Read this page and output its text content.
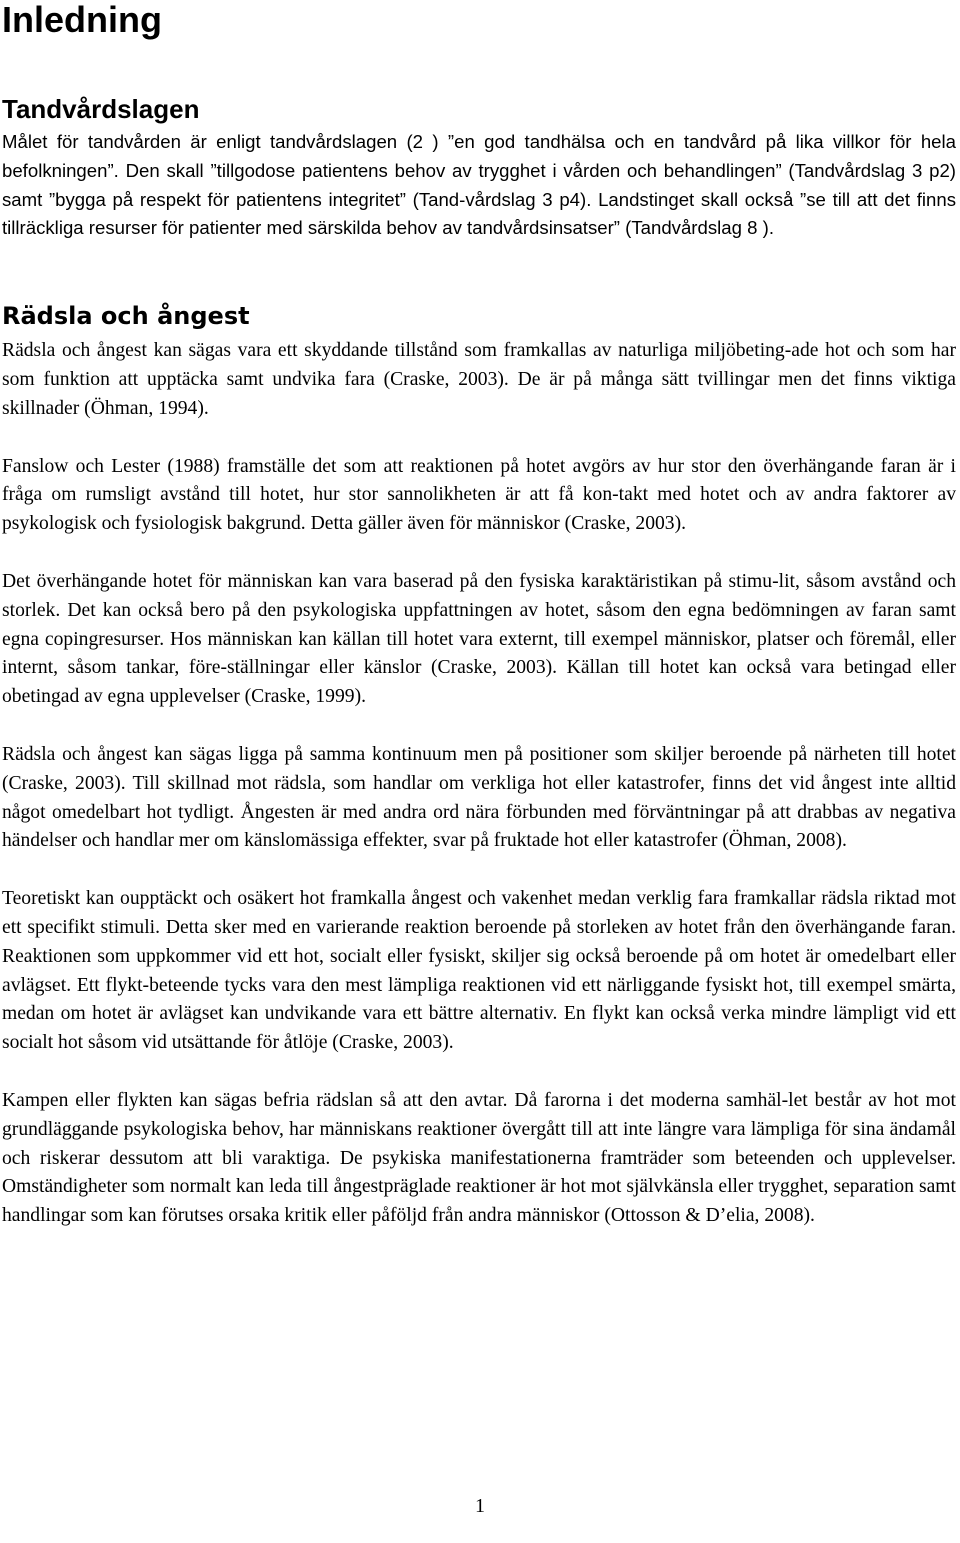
Inledning
Tandvårdslagen

Målet för tandvården är enligt tandvårdslagen (2 ) ”en god tandhälsa och en tandvård på lika villkor för hela befolkningen”. Den skall ”tillgodose patientens behov av trygghet i vården och behandlingen” (Tandvårdslag 3 p2) samt ”bygga på respekt för patientens integritet” (Tand-vårdslag 3 p4). Landstinget skall också ”se till att det finns tillräckliga resurser för patienter med särskilda behov av tandvårdsinsatser” (Tandvårdslag 8 ).

Rädsla och ångest

Rädsla och ångest kan sägas vara ett skyddande tillstånd som framkallas av naturliga miljöbeting-ade hot och som har som funktion att upptäcka samt undvika fara (Craske, 2003). De är på många sätt tvillingar men det finns viktiga skillnader (Öhman, 1994).

Fanslow och Lester (1988) framställe det som att reaktionen på hotet avgörs av hur stor den överhängande faran är i fråga om rumsligt avstånd till hotet, hur stor sannolikheten är att få kon-takt med hotet och av andra faktorer av psykologisk och fysiologisk bakgrund. Detta gäller även för människor (Craske, 2003).

Det överhängande hotet för människan kan vara baserad på den fysiska karaktäristikan på stimu-lit, såsom avstånd och storlek. Det kan också bero på den psykologiska uppfattningen av hotet, såsom den egna bedömningen av faran samt egna copingresurser. Hos människan kan källan till hotet vara externt, till exempel människor, platser och föremål, eller internt, såsom tankar, före-ställningar eller känslor (Craske, 2003). Källan till hotet kan också vara betingad eller obetingad av egna upplevelser (Craske, 1999).

Rädsla och ångest kan sägas ligga på samma kontinuum men på positioner som skiljer beroende på närheten till hotet (Craske, 2003). Till skillnad mot rädsla, som handlar om verkliga hot eller katastrofer, finns det vid ångest inte alltid något omedelbart hot tydligt. Ångesten är med andra ord nära förbunden med förväntningar på att drabbas av negativa händelser och handlar mer om känslomässiga effekter, svar på fruktade hot eller katastrofer (Öhman, 2008).

Teoretiskt kan oupptäckt och osäkert hot framkalla ångest och vakenhet medan verklig fara framkallar rädsla riktad mot ett specifikt stimuli. Detta sker med en varierande reaktion beroende på storleken av hotet från den överhängande faran. Reaktionen som uppkommer vid ett hot, socialt eller fysiskt, skiljer sig också beroende på om hotet är omedelbart eller avlägset. Ett flykt-beteende tycks vara den mest lämpliga reaktionen vid ett närliggande fysiskt hot, till exempel smärta, medan om hotet är avlägset kan undvikande vara ett bättre alternativ. En flykt kan också verka mindre lämpligt vid ett socialt hot såsom vid utsättande för åtlöje (Craske, 2003).

Kampen eller flykten kan sägas befria rädslan så att den avtar. Då farorna i det moderna samhäl-let består av hot mot grundläggande psykologiska behov, har människans reaktioner övergått till att inte längre vara lämpliga för sina ändamål och riskerar dessutom att bli varaktiga. De psykiska manifestationerna framträder som beteenden och upplevelser. Omständigheter som normalt kan leda till ångestpräglade reaktioner är hot mot självkänsla eller trygghet, separation samt handlingar som kan förutses orsaka kritik eller påföljd från andra människor (Ottosson & D’elia, 2008).

1
